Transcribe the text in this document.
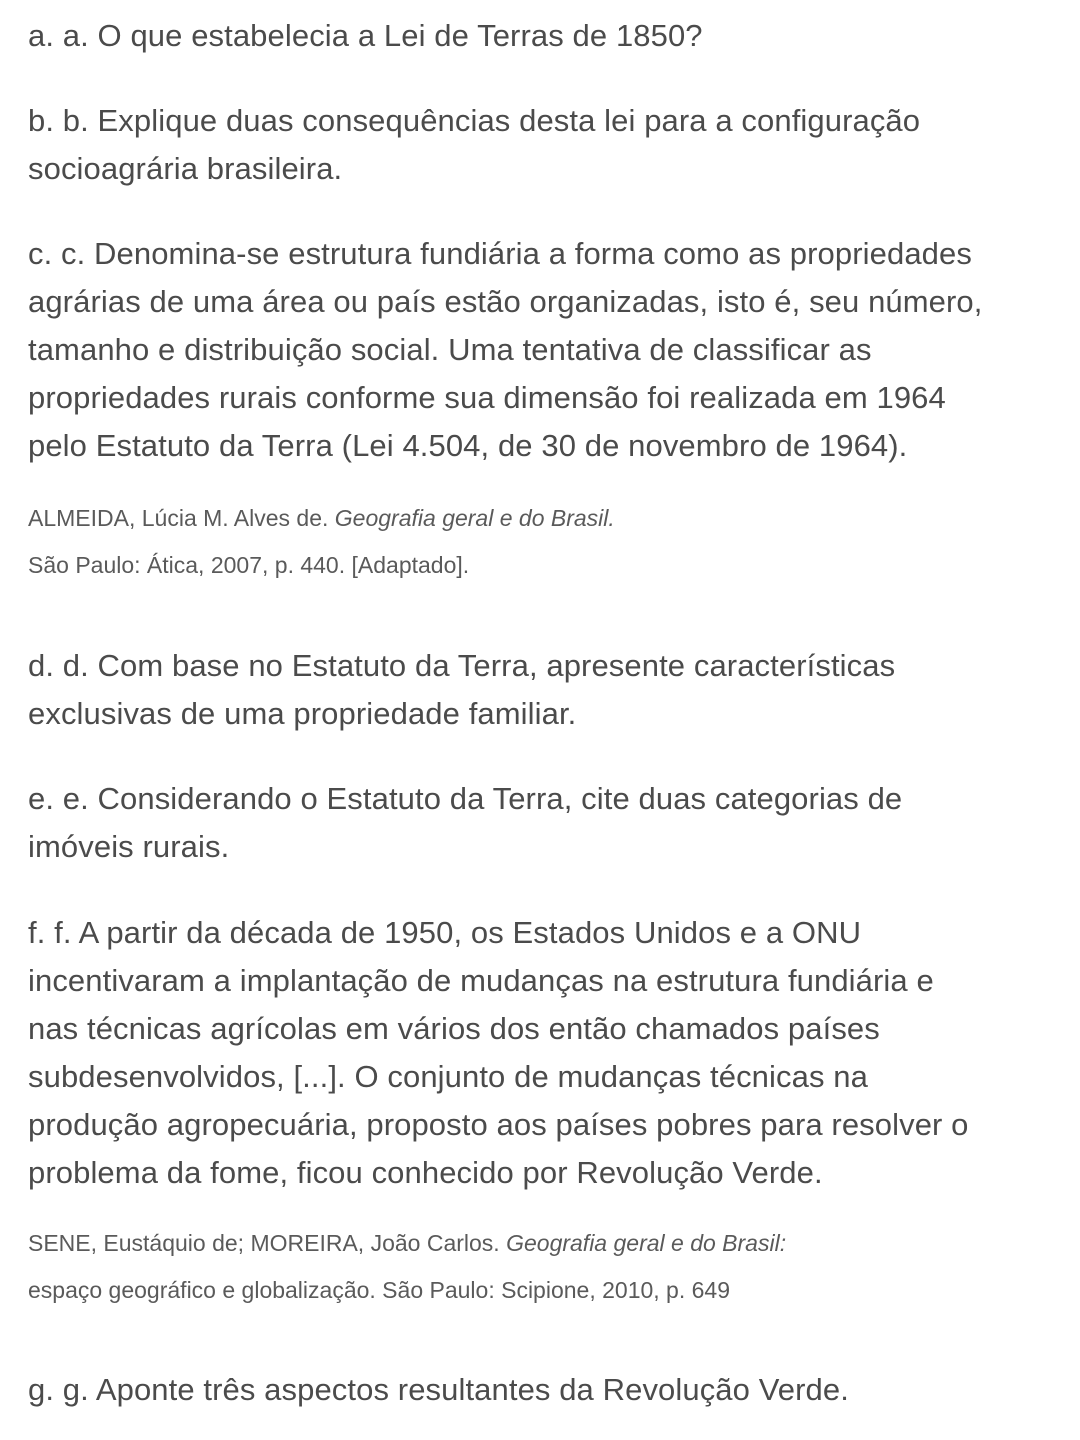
a. a. O que estabelecia a Lei de Terras de 1850?

b. b. Explique duas consequências desta lei para a configuração
socioagrária brasileira.

c. c. Denomina-se estrutura fundiária a forma como as propriedades
agrárias de uma área ou país estão organizadas, isto é, seu número,
tamanho e distribuição social. Uma tentativa de classificar as
propriedades rurais conforme sua dimensão foi realizada em 1964
pelo Estatuto da Terra (Lei 4.504, de 30 de novembro de 1964).

ALMEIDA, Lúcia M. Alves de. Geografia geral e do Brasil.
São Paulo: Ática, 2007, p. 440. [Adaptado].

d. d. Com base no Estatuto da Terra, apresente características
exclusivas de uma propriedade familiar.

e. e. Considerando o Estatuto da Terra, cite duas categorias de
imóveis rurais.

f. f. A partir da década de 1950, os Estados Unidos e a ONU
incentivaram a implantação de mudanças na estrutura fundiária e
nas técnicas agrícolas em vários dos então chamados países
subdesenvolvidos, [...]. O conjunto de mudanças técnicas na
produção agropecuária, proposto aos países pobres para resolver o
problema da fome, ficou conhecido por Revolução Verde.

SENE, Eustáquio de; MOREIRA, João Carlos. Geografia geral e do Brasil:
espaço geográfico e globalização. São Paulo: Scipione, 2010, p. 649

g. g. Aponte três aspectos resultantes da Revolução Verde.
